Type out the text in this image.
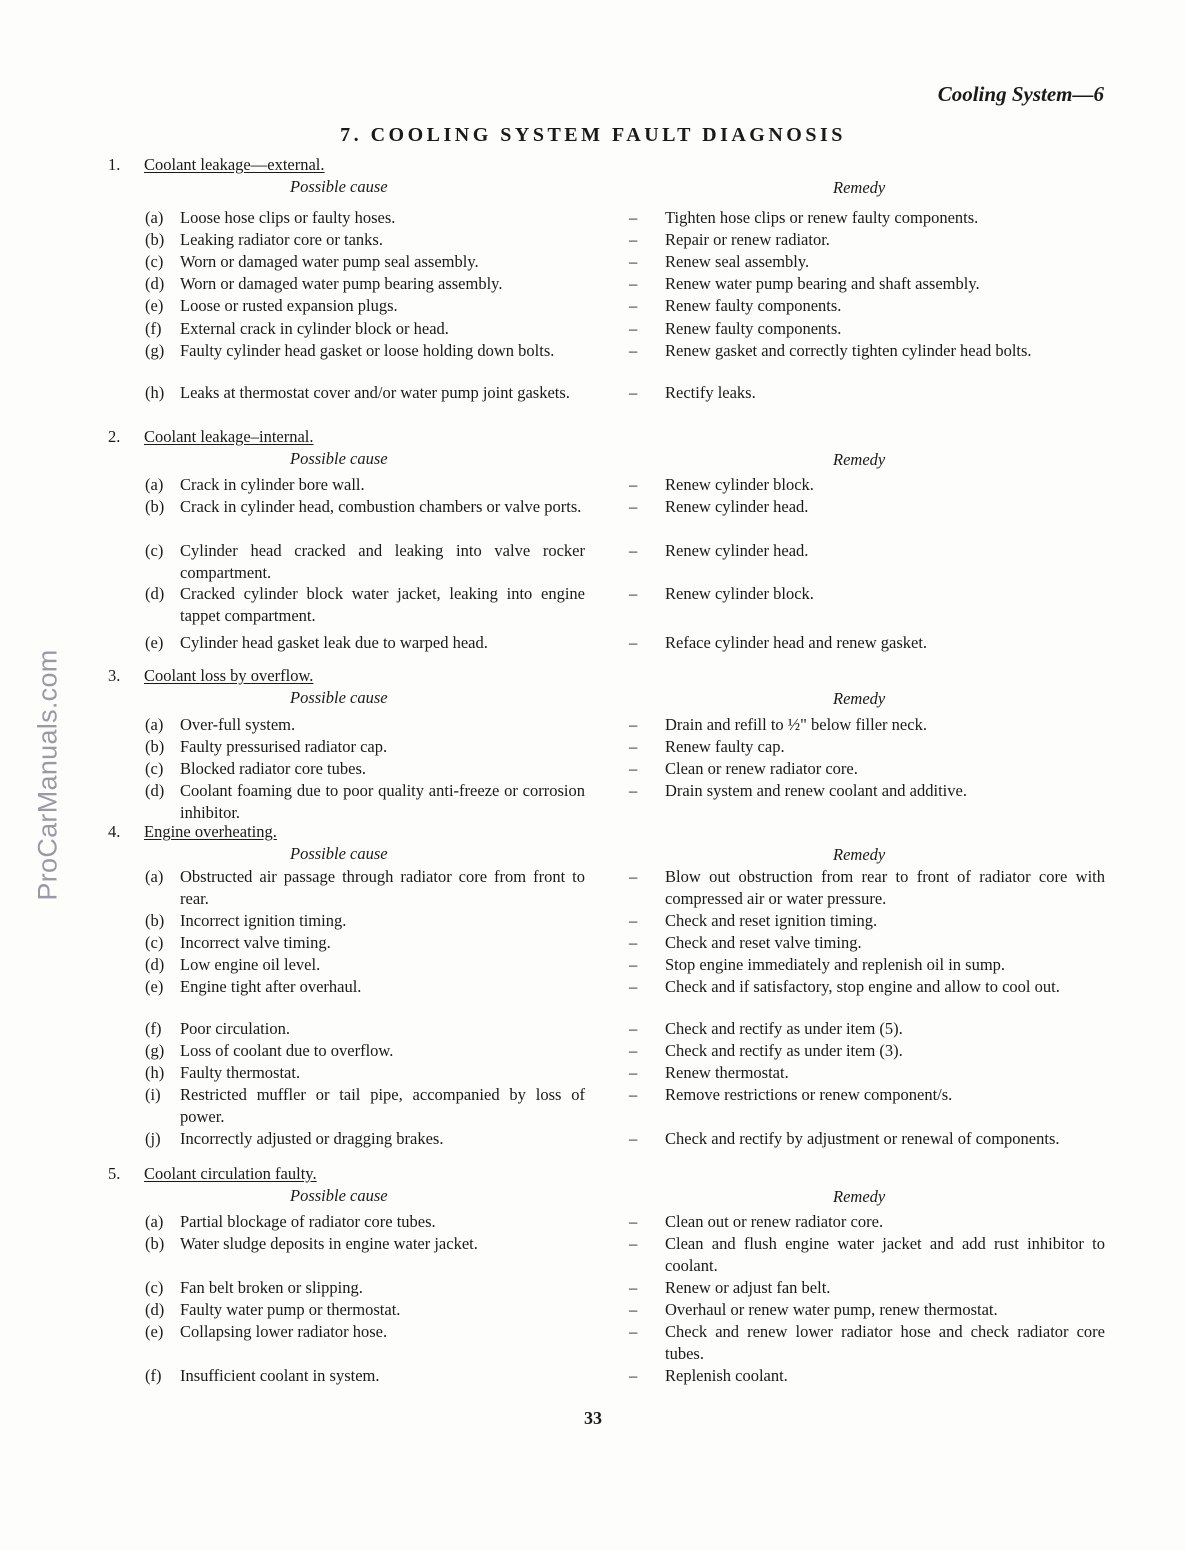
ProCarManuals.com
Cooling System—6
7. COOLING SYSTEM FAULT DIAGNOSIS
1. Coolant leakage—external.
Possible cause	Remedy
(a) Loose hose clips or faulty hoses.	– Tighten hose clips or renew faulty components.
(b) Leaking radiator core or tanks.	– Repair or renew radiator.
(c) Worn or damaged water pump seal assembly.	– Renew seal assembly.
(d) Worn or damaged water pump bearing assembly.	– Renew water pump bearing and shaft assembly.
(e) Loose or rusted expansion plugs.	– Renew faulty components.
(f) External crack in cylinder block or head.	– Renew faulty components.
(g) Faulty cylinder head gasket or loose holding down bolts.	– Renew gasket and correctly tighten cylinder head bolts.
(h) Leaks at thermostat cover and/or water pump joint gaskets.	– Rectify leaks.
2. Coolant leakage–internal.
Possible cause	Remedy
(a) Crack in cylinder bore wall.	– Renew cylinder block.
(b) Crack in cylinder head, combustion chambers or valve ports.	– Renew cylinder head.
(c) Cylinder head cracked and leaking into valve rocker compartment.
– Renew cylinder head.
(d) Cracked cylinder block water jacket, leaking into engine tappet compartment.
– Renew cylinder block.
(e) Cylinder head gasket leak due to warped head.	– Reface cylinder head and renew gasket.
3. Coolant loss by overflow.
Possible cause	Remedy
(a) Over-full system.	– Drain and refill to ½" below filler neck.
(b) Faulty pressurised radiator cap.	– Renew faulty cap.
(c) Blocked radiator core tubes.	– Clean or renew radiator core.
(d) Coolant foaming due to poor quality anti-freeze or corrosion inhibitor.
– Drain system and renew coolant and additive.
4. Engine overheating.
Possible cause	Remedy
(a) Obstructed air passage through radiator core from front to rear.
– Blow out obstruction from rear to front of radiator core with compressed air or water pressure.
(b) Incorrect ignition timing.	– Check and reset ignition timing.
(c) Incorrect valve timing.	– Check and reset valve timing.
(d) Low engine oil level.	– Stop engine immediately and replenish oil in sump.
(e) Engine tight after overhaul.	– Check and if satisfactory, stop engine and allow to cool out.
(f) Poor circulation.	– Check and rectify as under item (5).
(g) Loss of coolant due to overflow.	– Check and rectify as under item (3).
(h) Faulty thermostat.	– Renew thermostat.
(i) Restricted muffler or tail pipe, accompanied by loss of power.
– Remove restrictions or renew component/s.
(j) Incorrectly adjusted or dragging brakes.	– Check and rectify by adjustment or renewal of components.
5. Coolant circulation faulty.
Possible cause	Remedy
(a) Partial blockage of radiator core tubes.	– Clean out or renew radiator core.
(b) Water sludge deposits in engine water jacket.	– Clean and flush engine water jacket and add rust inhibitor to coolant.
(c) Fan belt broken or slipping.	– Renew or adjust fan belt.
(d) Faulty water pump or thermostat.	– Overhaul or renew water pump, renew thermostat.
(e) Collapsing lower radiator hose.	– Check and renew lower radiator hose and check radiator core tubes.
(f) Insufficient coolant in system.	– Replenish coolant.
33
